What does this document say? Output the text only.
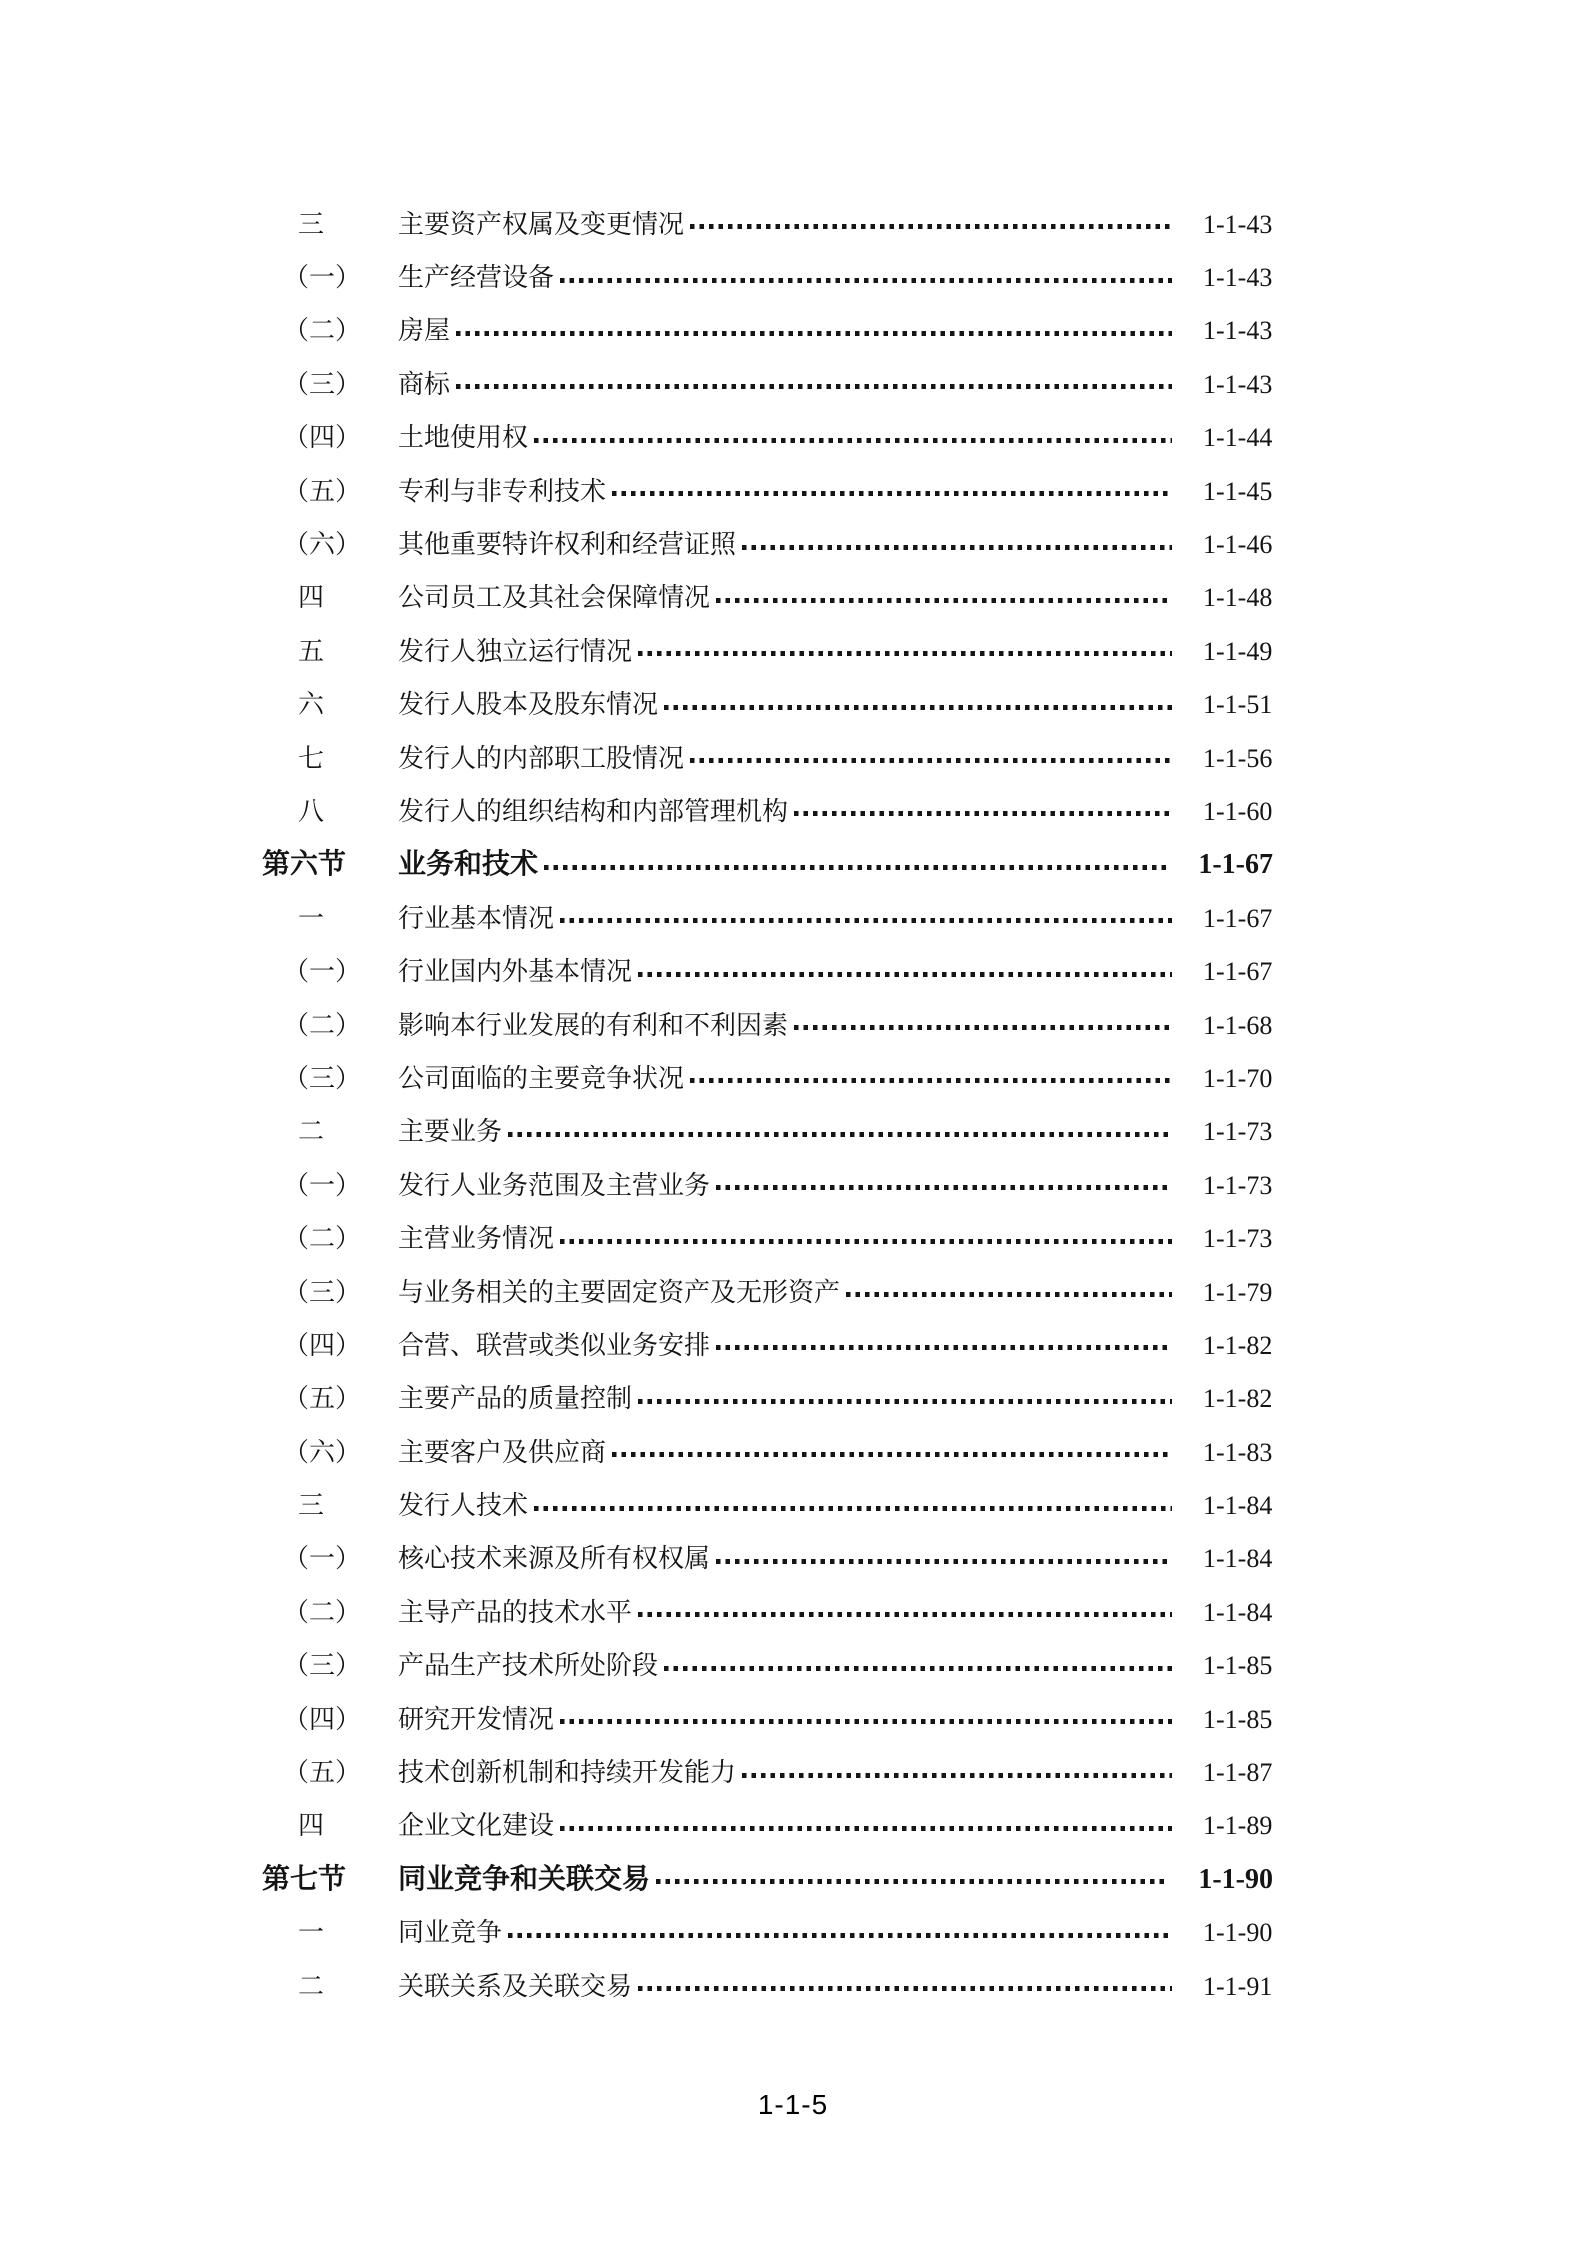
三	主要资产权属及变更情况	1-1-43
（一）	生产经营设备	1-1-43
（二）	房屋	1-1-43
（三）	商标	1-1-43
（四）	土地使用权	1-1-44
（五）	专利与非专利技术	1-1-45
（六）	其他重要特许权利和经营证照	1-1-46
四	公司员工及其社会保障情况	1-1-48
五	发行人独立运行情况	1-1-49
六	发行人股本及股东情况	1-1-51
七	发行人的内部职工股情况	1-1-56
八	发行人的组织结构和内部管理机构	1-1-60
第六节	业务和技术	1-1-67
一	行业基本情况	1-1-67
（一）	行业国内外基本情况	1-1-67
（二）	影响本行业发展的有利和不利因素	1-1-68
（三）	公司面临的主要竞争状况	1-1-70
二	主要业务	1-1-73
（一）	发行人业务范围及主营业务	1-1-73
（二）	主营业务情况	1-1-73
（三）	与业务相关的主要固定资产及无形资产	1-1-79
（四）	合营、联营或类似业务安排	1-1-82
（五）	主要产品的质量控制	1-1-82
（六）	主要客户及供应商	1-1-83
三	发行人技术	1-1-84
（一）	核心技术来源及所有权权属	1-1-84
（二）	主导产品的技术水平	1-1-84
（三）	产品生产技术所处阶段	1-1-85
（四）	研究开发情况	1-1-85
（五）	技术创新机制和持续开发能力	1-1-87
四	企业文化建设	1-1-89
第七节	同业竞争和关联交易	1-1-90
一	同业竞争	1-1-90
二	关联关系及关联交易	1-1-91
1-1-5
